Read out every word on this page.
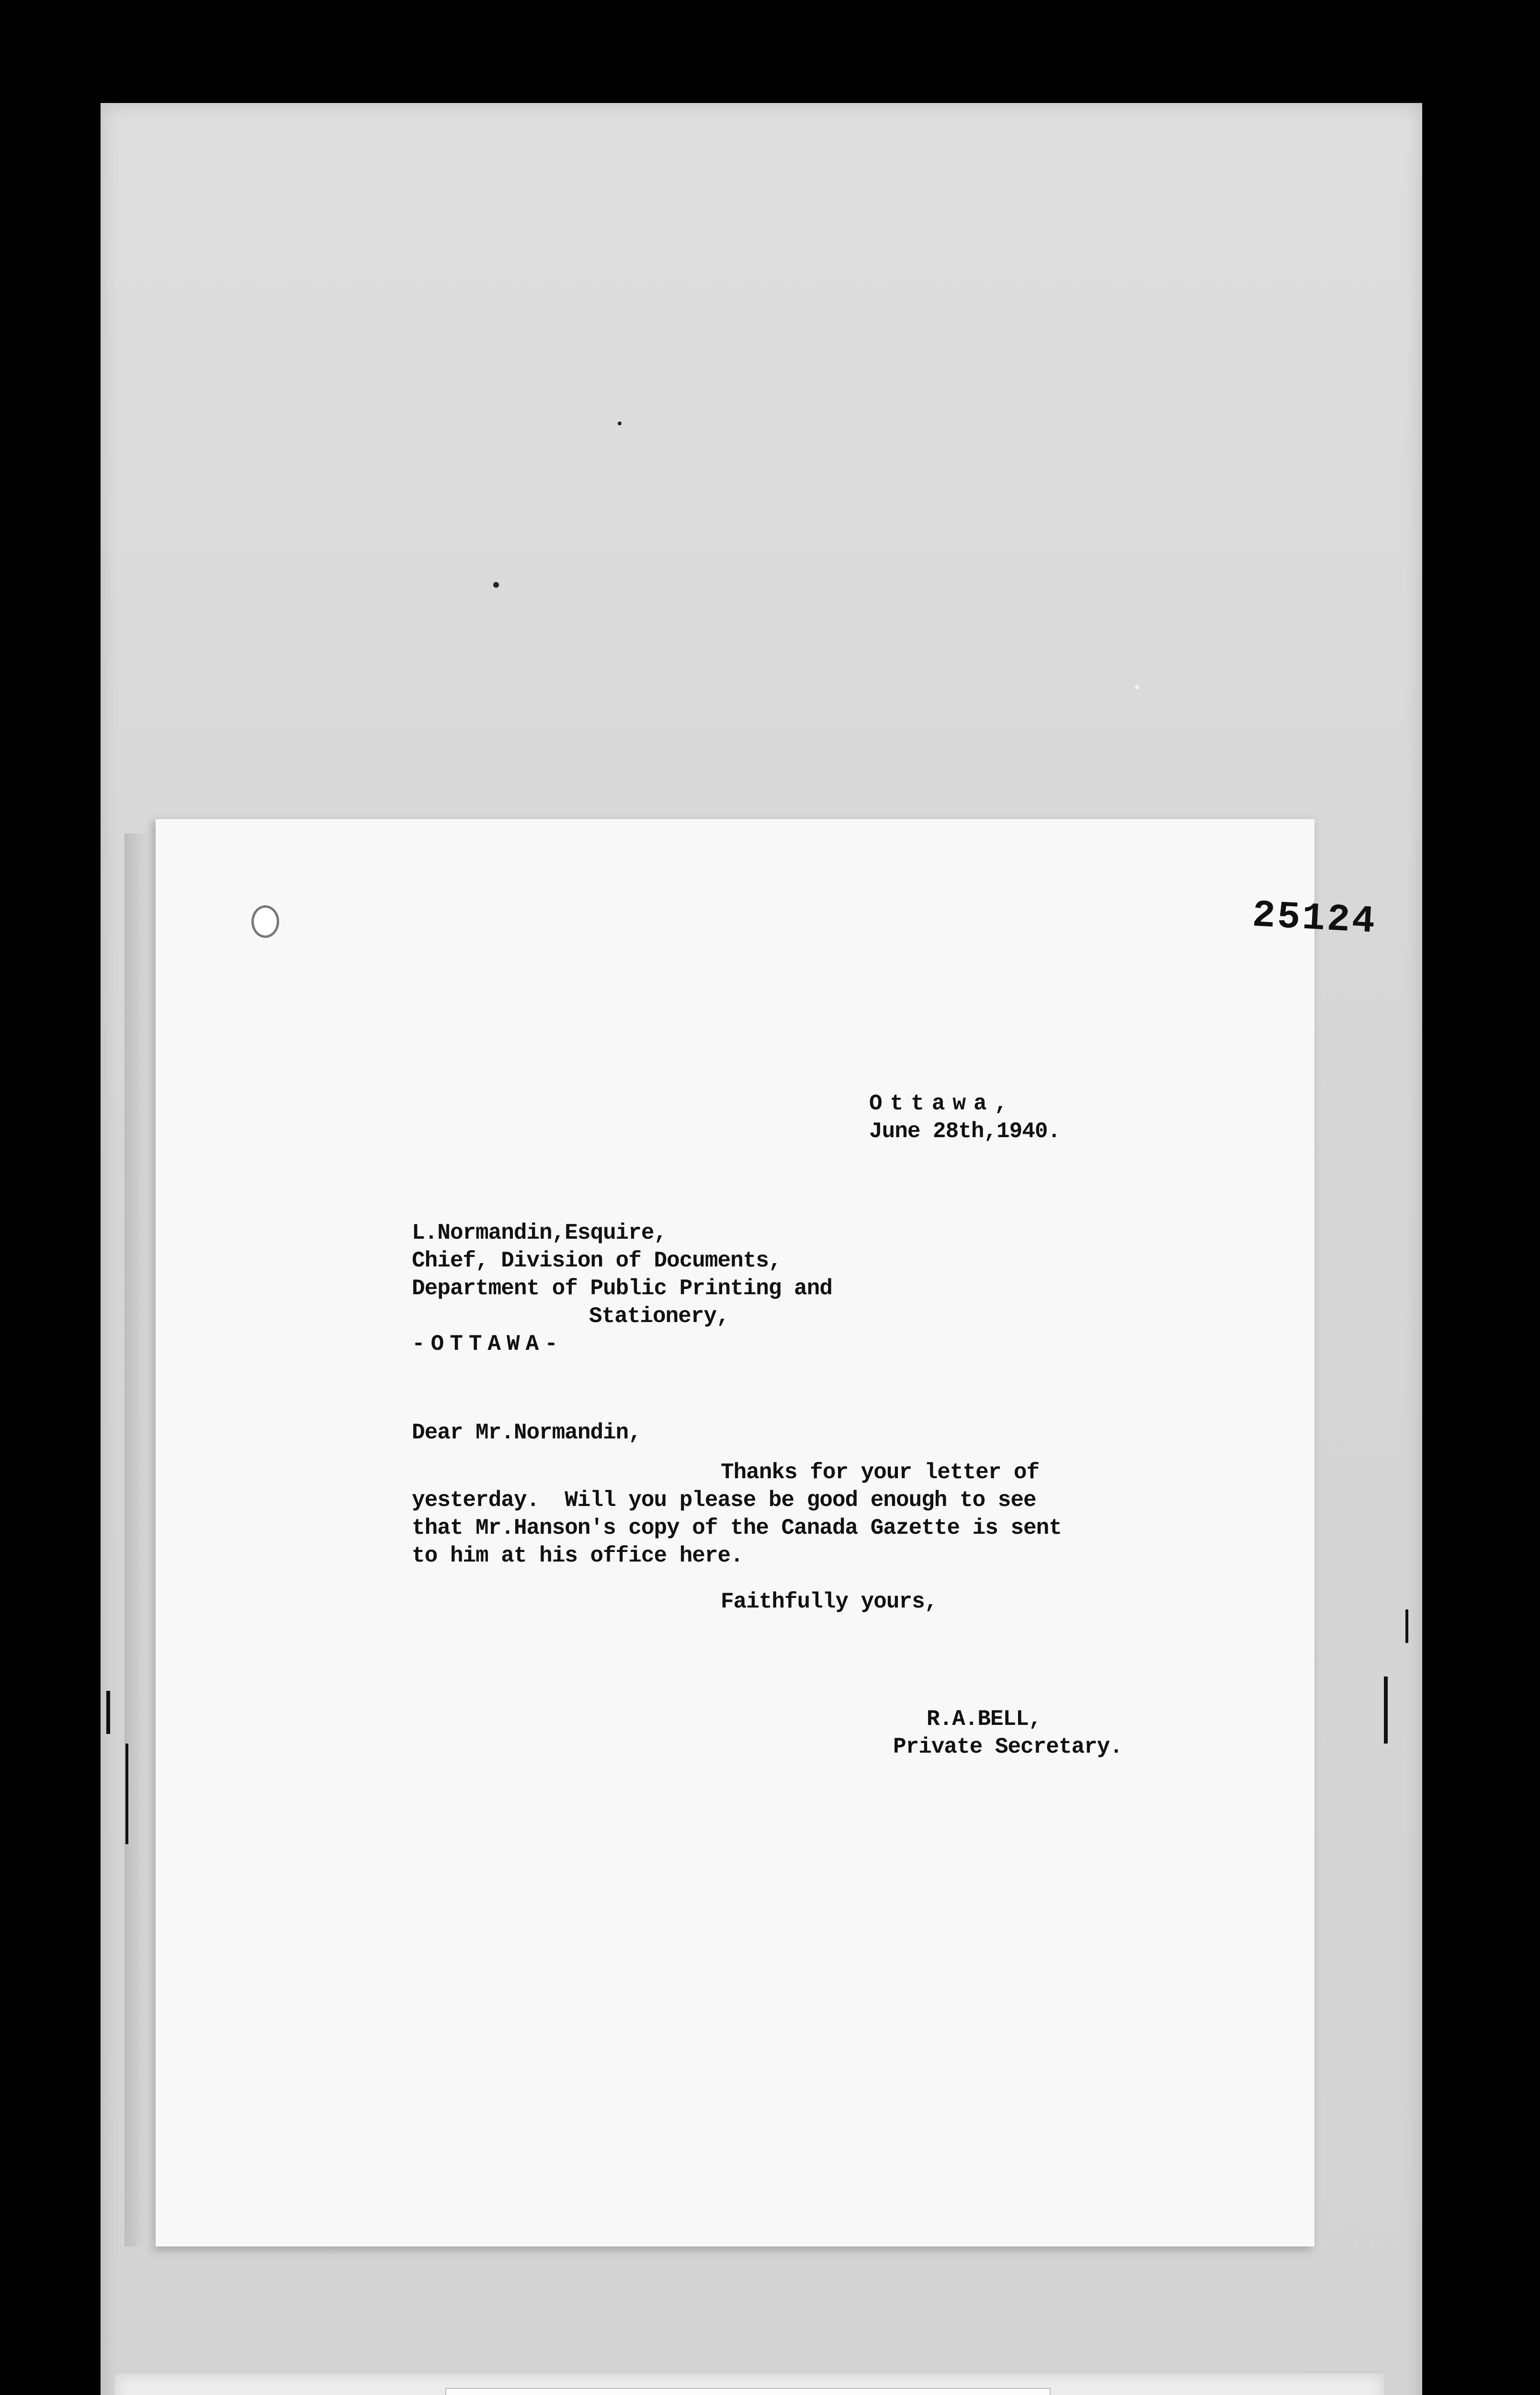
25124
Ottawa,
June 28th,1940.
L.Normandin,Esquire,
Chief, Division of Documents,
Department of Public Printing and
Stationery,
-OTTAWA-
Dear Mr.Normandin,
Thanks for your letter of
yesterday.  Will you please be good enough to see
that Mr.Hanson's copy of the Canada Gazette is sent
to him at his office here.
Faithfully yours,
R.A.BELL,
Private Secretary.
